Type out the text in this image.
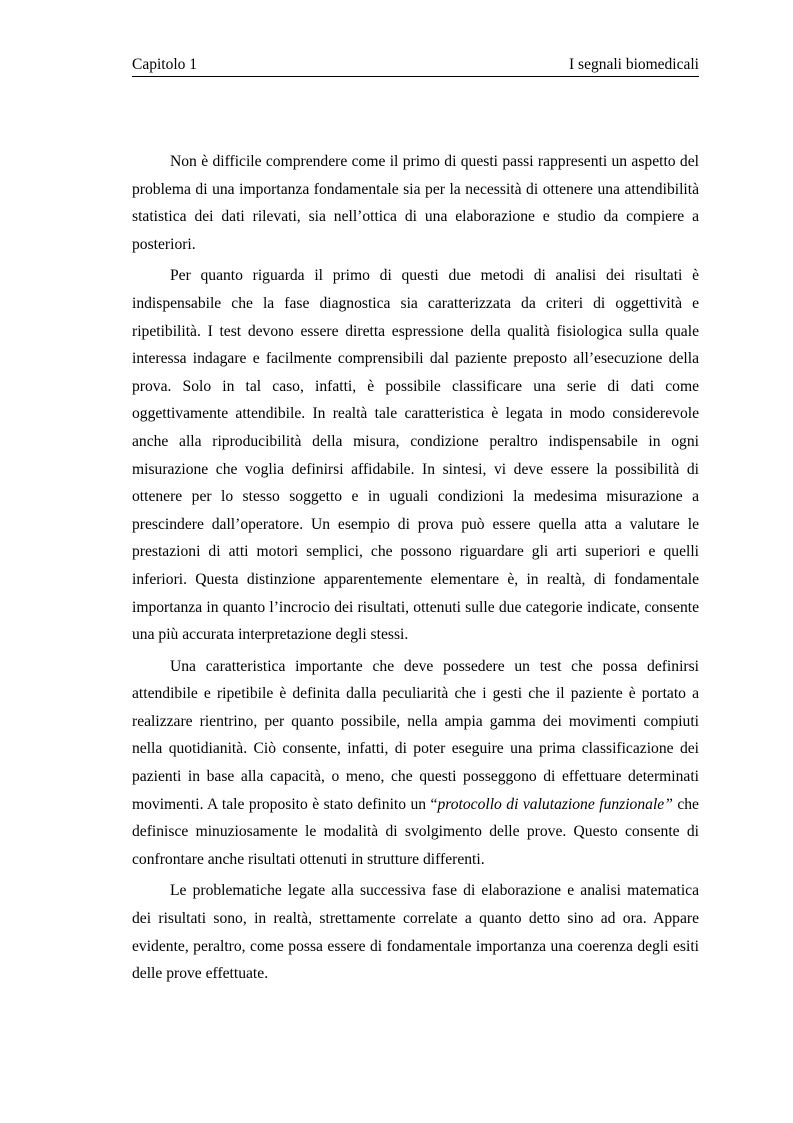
Capitolo 1	I segnali biomedicali

Non è difficile comprendere come il primo di questi passi rappresenti un aspetto del problema di una importanza fondamentale sia per la necessità di ottenere una attendibilità statistica dei dati rilevati, sia nell’ottica di una elaborazione e studio da compiere a posteriori.

Per quanto riguarda il primo di questi due metodi di analisi dei risultati è indispensabile che la fase diagnostica sia caratterizzata da criteri di oggettività e ripetibilità. I test devono essere diretta espressione della qualità fisiologica sulla quale interessa indagare e facilmente comprensibili dal paziente preposto all’esecuzione della prova. Solo in tal caso, infatti, è possibile classificare una serie di dati come oggettivamente attendibile. In realtà tale caratteristica è legata in modo considerevole anche alla riproducibilità della misura, condizione peraltro indispensabile in ogni misurazione che voglia definirsi affidabile. In sintesi, vi deve essere la possibilità di ottenere per lo stesso soggetto e in uguali condizioni la medesima misurazione a prescindere dall’operatore. Un esempio di prova può essere quella atta a valutare le prestazioni di atti motori semplici, che possono riguardare gli arti superiori e quelli inferiori. Questa distinzione apparentemente elementare è, in realtà, di fondamentale importanza in quanto l’incrocio dei risultati, ottenuti sulle due categorie indicate, consente una più accurata interpretazione degli stessi.

Una caratteristica importante che deve possedere un test che possa definirsi attendibile e ripetibile è definita dalla peculiarità che i gesti che il paziente è portato a realizzare rientrino, per quanto possibile, nella ampia gamma dei movimenti compiuti nella quotidianità. Ciò consente, infatti, di poter eseguire una prima classificazione dei pazienti in base alla capacità, o meno, che questi posseggono di effettuare determinati movimenti. A tale proposito è stato definito un “protocollo di valutazione funzionale” che definisce minuziosamente le modalità di svolgimento delle prove. Questo consente di confrontare anche risultati ottenuti in strutture differenti.

Le problematiche legate alla successiva fase di elaborazione e analisi matematica dei risultati sono, in realtà, strettamente correlate a quanto detto sino ad ora. Appare evidente, peraltro, come possa essere di fondamentale importanza una coerenza degli esiti delle prove effettuate.
